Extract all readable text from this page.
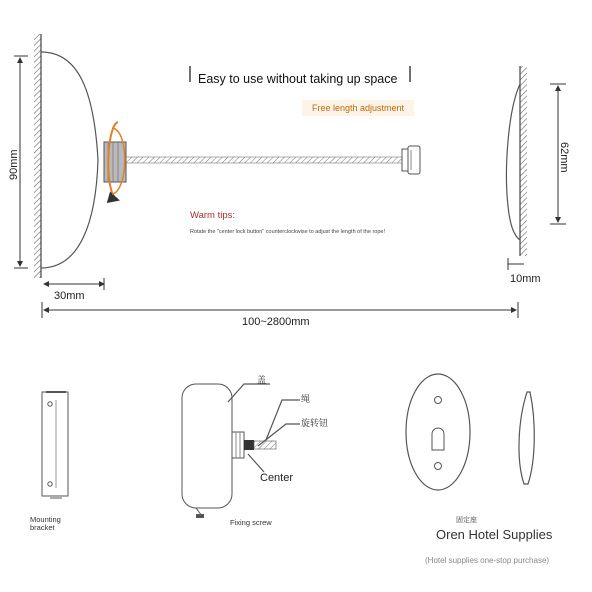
Easy to use without taking up space
Free length adjustment
Warm tips:
Rotate the "center lock button" counterclockwise to adjust the length of the rope!
90mm
30mm
100~2800mm
62mm
10mm
Mounting
bracket
Fixing screw
Center
盖
绳
旋转钮
固定座
Oren Hotel Supplies
(Hotel supplies one-stop purchase)
